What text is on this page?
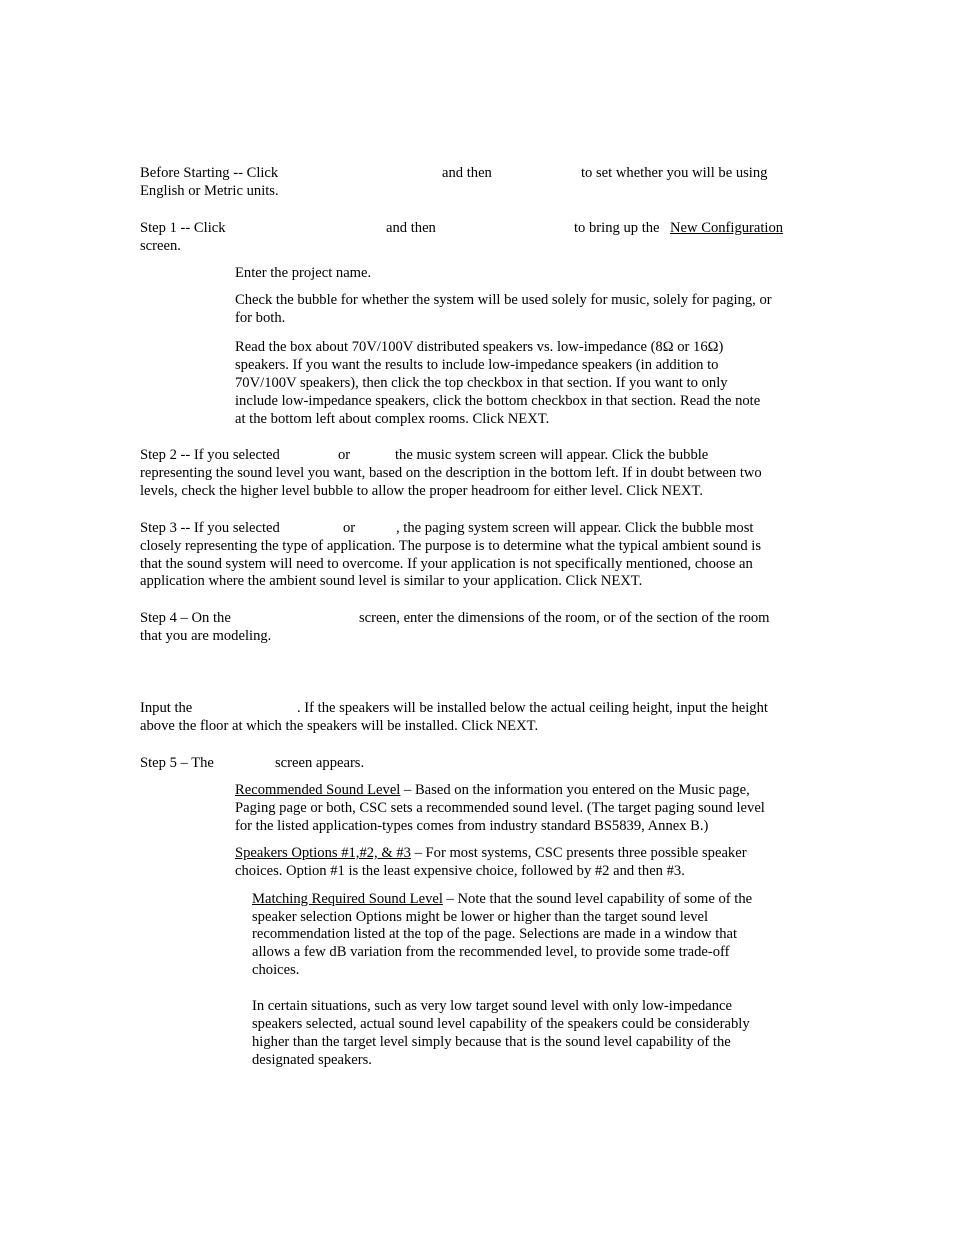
Before Starting -- Click	and then	to set whether you will be using
English or Metric units.
Step 1 -- Click	and then	to bring up the New Configuration
screen.
Enter the project name.
Check the bubble for whether the system will be used solely for music, solely for paging, or
for both.
Read the box about 70V/100V distributed speakers vs. low-impedance (8Ω or 16Ω)
speakers. If you want the results to include low-impedance speakers (in addition to
70V/100V speakers), then click the top checkbox in that section. If you want to only
include low-impedance speakers, click the bottom checkbox in that section. Read the note
at the bottom left about complex rooms. Click NEXT.
Step 2 -- If you selected	or	the music system screen will appear. Click the bubble
representing the sound level you want, based on the description in the bottom left. If in doubt between two
levels, check the higher level bubble to allow the proper headroom for either level. Click NEXT.
Step 3 -- If you selected	or	, the paging system screen will appear. Click the bubble most
closely representing the type of application. The purpose is to determine what the typical ambient sound is
that the sound system will need to overcome. If your application is not specifically mentioned, choose an
application where the ambient sound level is similar to your application. Click NEXT.
Step 4 – On the	screen, enter the dimensions of the room, or of the section of the room
that you are modeling.
Input the	. If the speakers will be installed below the actual ceiling height, input the height
above the floor at which the speakers will be installed. Click NEXT.
Step 5 – The	screen appears.
Recommended Sound Level – Based on the information you entered on the Music page,
Paging page or both, CSC sets a recommended sound level. (The target paging sound level
for the listed application-types comes from industry standard BS5839, Annex B.)
Speakers Options #1,#2, & #3 – For most systems, CSC presents three possible speaker
choices. Option #1 is the least expensive choice, followed by #2 and then #3.
Matching Required Sound Level – Note that the sound level capability of some of the
speaker selection Options might be lower or higher than the target sound level
recommendation listed at the top of the page. Selections are made in a window that
allows a few dB variation from the recommended level, to provide some trade-off
choices.
In certain situations, such as very low target sound level with only low-impedance
speakers selected, actual sound level capability of the speakers could be considerably
higher than the target level simply because that is the sound level capability of the
designated speakers.
